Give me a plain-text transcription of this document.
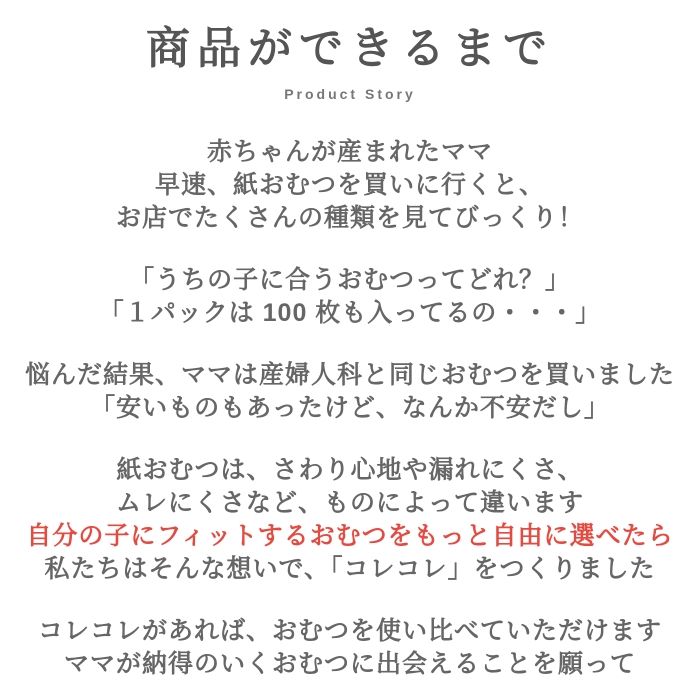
商品ができるまで

Product Story

赤ちゃんが産まれたママ

早速、紙おむつを買いに行くと、

お店でたくさんの種類を見てびっくり！

「うちの子に合うおむつってどれ？」

「１パックは 100 枚も入ってるの・・・」

悩んだ結果、ママは産婦人科と同じおむつを買いました

「安いものもあったけど、なんか不安だし」

紙おむつは、さわり心地や漏れにくさ、

ムレにくさなど、ものによって違います

自分の子にフィットするおむつをもっと自由に選べたら

私たちはそんな想いで、「コレコレ」をつくりました

コレコレがあれば、おむつを使い比べていただけます

ママが納得のいくおむつに出会えることを願って
